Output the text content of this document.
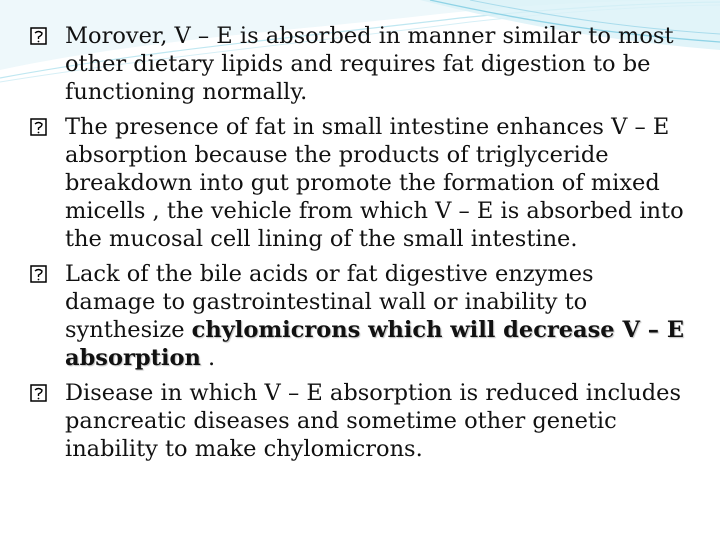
Morover, V – E is absorbed in manner similar to most other dietary lipids and requires fat digestion to be functioning normally.
The presence of fat in small intestine enhances V – E absorption because the products of triglyceride breakdown into gut promote the formation of mixed micells , the vehicle from which V – E is absorbed into the mucosal cell lining of the small intestine.
Lack of the bile acids or fat digestive enzymes damage to gastrointestinal wall or inability to synthesize chylomicrons which will decrease V – E absorption .
Disease in which V – E absorption is reduced includes pancreatic diseases and sometime other genetic inability to make chylomicrons.
